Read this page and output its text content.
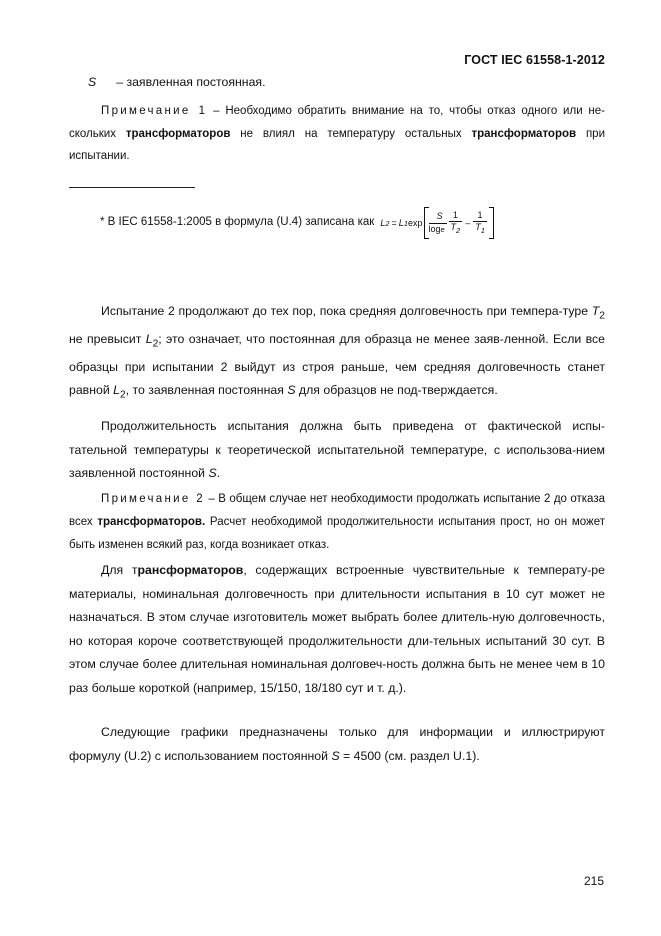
ГОСТ IEC 61558-1-2012
S – заявленная постоянная.
Примечание 1 – Необходимо обратить внимание на то, чтобы отказ одного или не-скольких трансформаторов не влиял на температуру остальных трансформаторов при испытании.
* В IEC 61558-1:2005 в формула (U.4) записана как L 2 = L 1 $\exp \frac{S}{\text{log e}} \frac{1}{T_2} - \frac{1}{T_1}$
Испытание 2 продолжают до тех пор, пока средняя долговечность при темпера-туре $T_2$ не превысит $L_2$; это означает, что постоянная для образца не менее заяв-ленной. Если все образцы при испытании 2 выйдут из строя раньше, чем средняя долговечность станет равной $L_2$, то заявленная постоянная S для образцов не под-тверждается.
Продолжительность испытания должна быть приведена от фактической испы-тательной температуры к теоретической испытательной температуре, с использова-нием заявленной постоянной S.
Примечание 2 – В общем случае нет необходимости продолжать испытание 2 до отказа всех трансформаторов. Расчет необходимой продолжительности испытания прост, но он может быть изменен всякий раз, когда возникает отказ.
Для трансформаторов, содержащих встроенные чувствительные к температу-ре материалы, номинальная долговечность при длительности испытания в 10 сут может не назначаться. В этом случае изготовитель может выбрать более длитель-ную долговечность, но которая короче соответствующей продолжительности дли-тельных испытаний 30 сут. В этом случае более длительная номинальная долговеч-ность должна быть не менее чем в 10 раз больше короткой (например, 15/150, 18/180 сут и т. д.).
Следующие графики предназначены только для информации и иллюстрируют формулу (U.2) с использованием постоянной S = 4500 (см. раздел U.1).
215
